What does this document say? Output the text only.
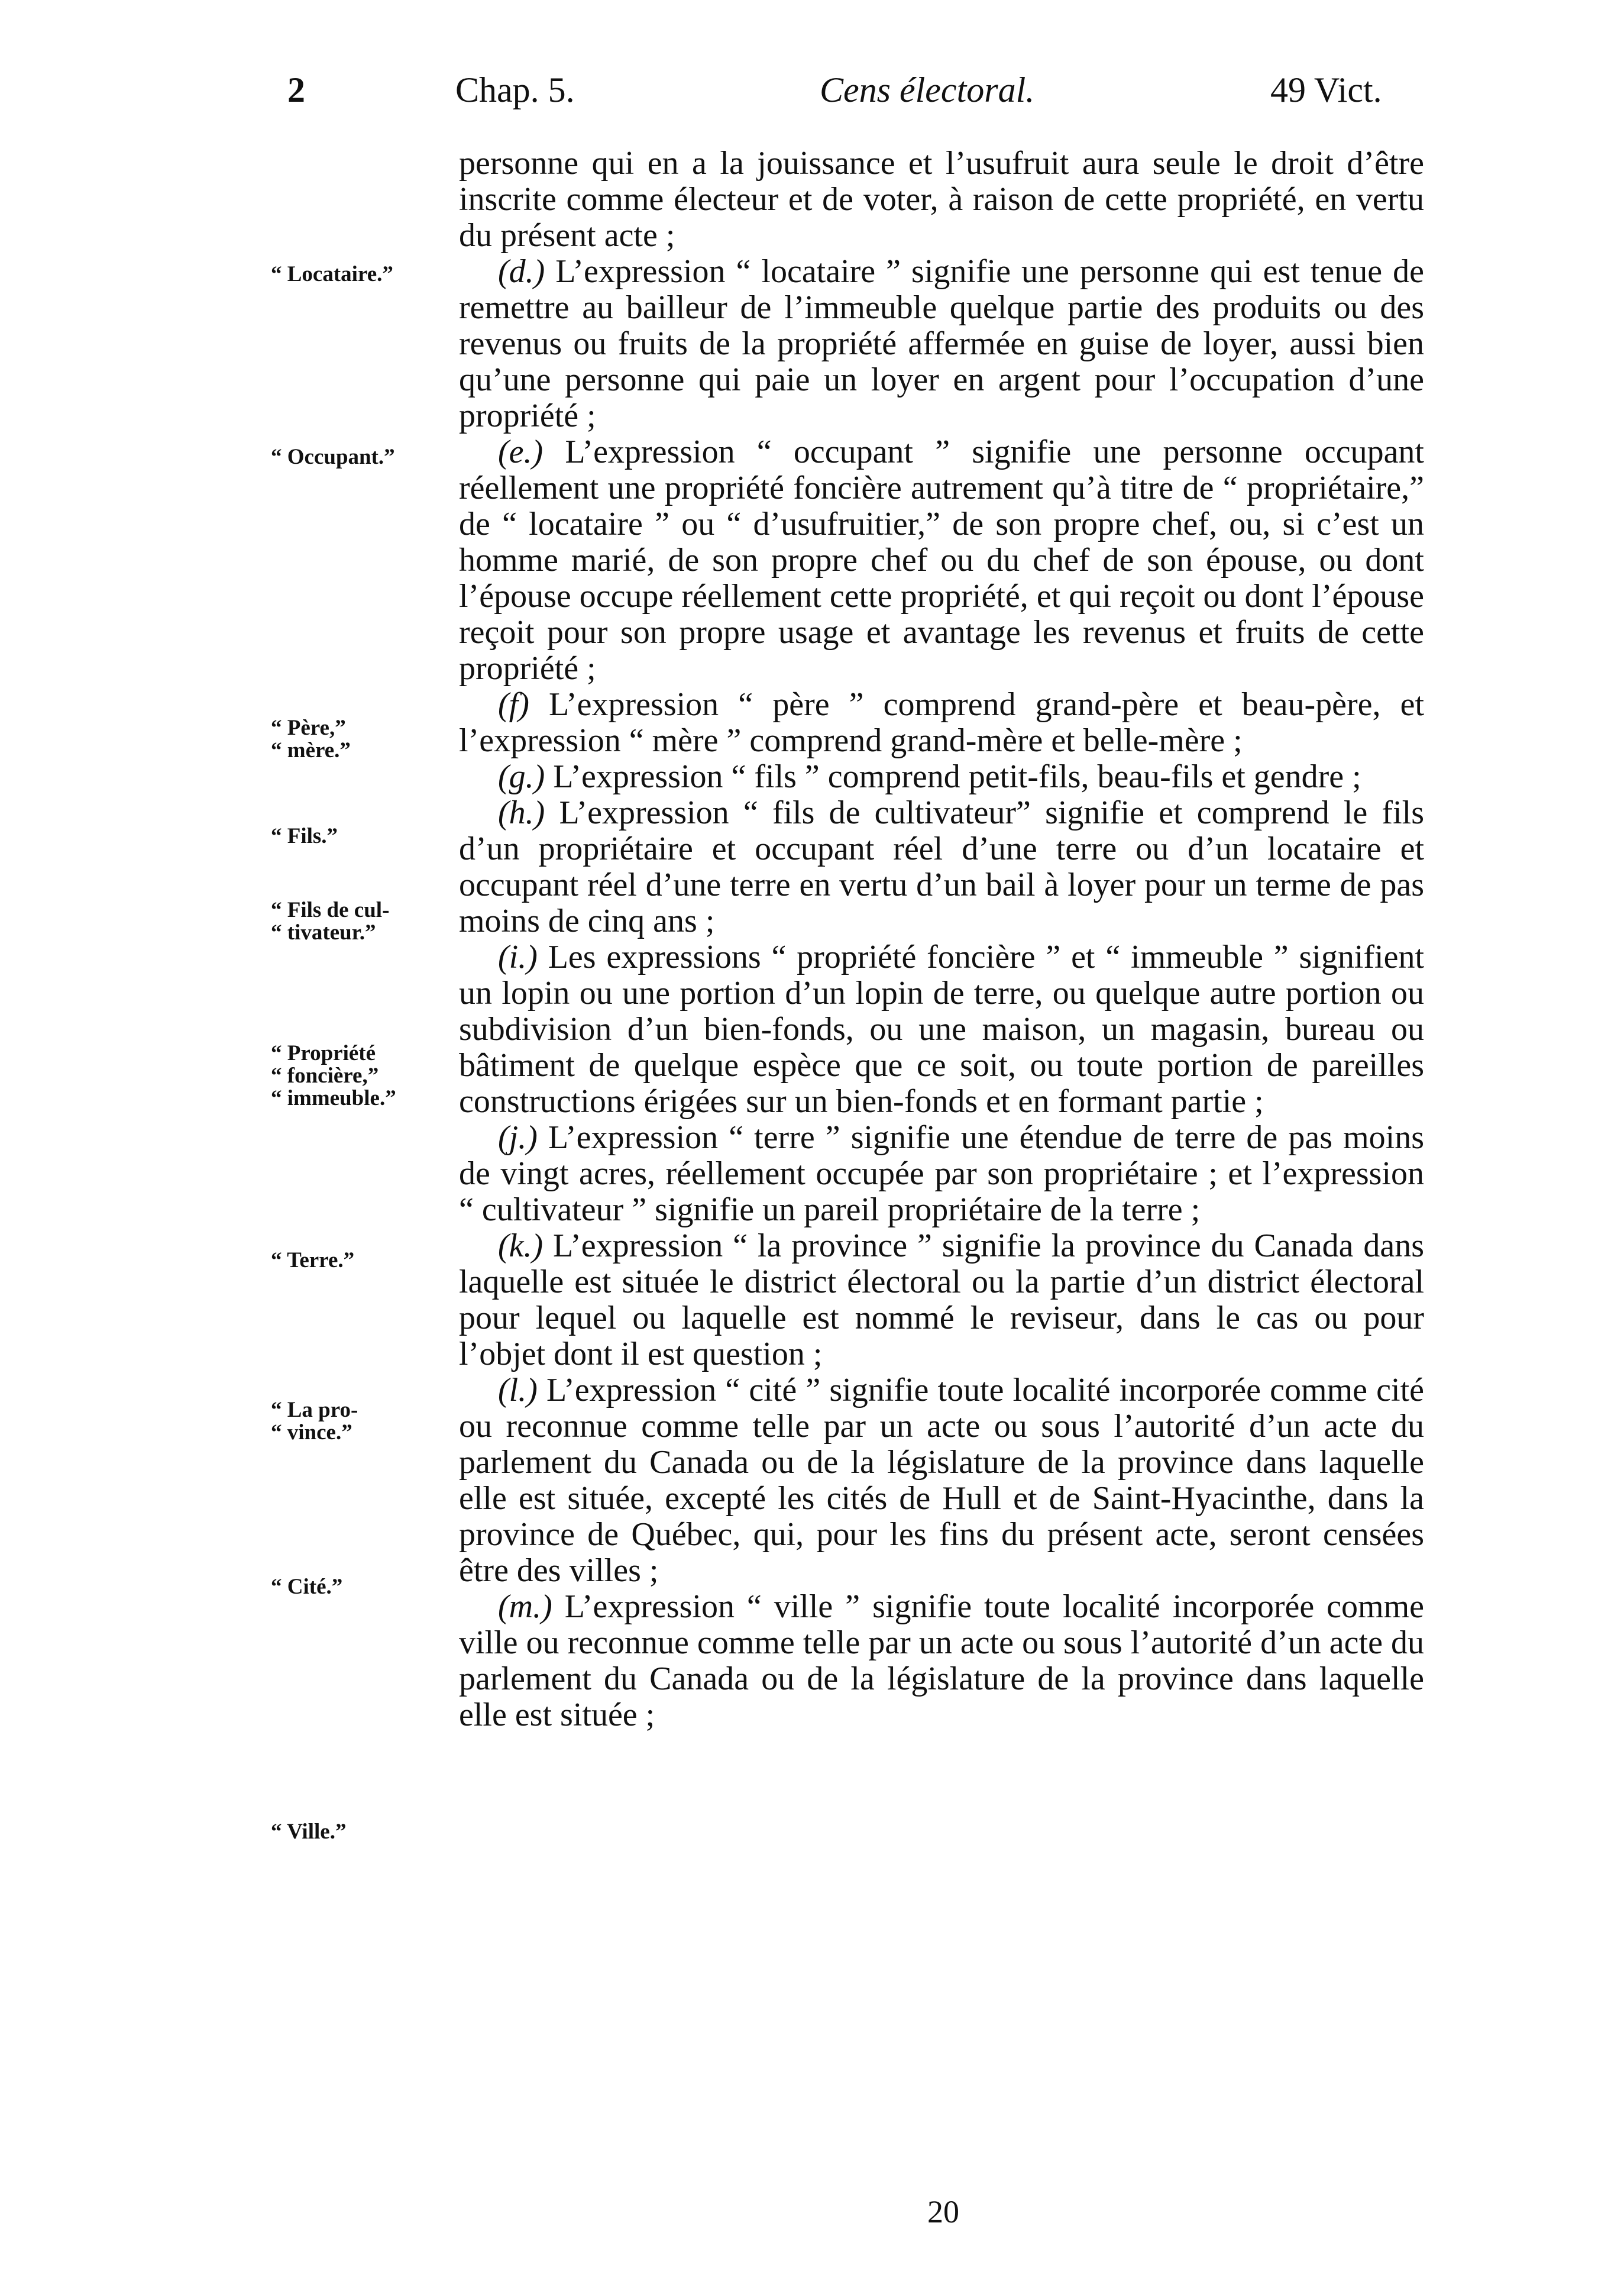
2	Chap. 5.	Cens électoral.	49 Vict.
“ Locataire.”
“ Occupant.”
“ Père,”
“ mère.”
“ Fils.”
“ Fils de cul-
“ tivateur.”
“ Propriété
“ foncière,”
“ immeuble.”
“ Terre.”
“ La pro-
“ vince.”
“ Cité.”
“ Ville.”

personne qui en a la jouissance et l’usufruit aura seule le droit d’être inscrite comme électeur et de voter, à raison de cette propriété, en vertu du présent acte ;

(d.) L’expression “ locataire ” signifie une personne qui est tenue de remettre au bailleur de l’immeuble quelque partie des produits ou des revenus ou fruits de la propriété affermée en guise de loyer, aussi bien qu’une personne qui paie un loyer en argent pour l’occupation d’une propriété ;

(e.) L’expression “ occupant ” signifie une personne occupant réellement une propriété foncière autrement qu’à titre de “ propriétaire,” de “ locataire ” ou “ d’usufruitier,” de son propre chef, ou, si c’est un homme marié, de son propre chef ou du chef de son épouse, ou dont l’épouse occupe réellement cette propriété, et qui reçoit ou dont l’épouse reçoit pour son propre usage et avantage les revenus et fruits de cette propriété ;

(f) L’expression “ père ” comprend grand-père et beau-père, et l’expression “ mère ” comprend grand-mère et belle-mère ;

(g.) L’expression “ fils ” comprend petit-fils, beau-fils et gendre ;

(h.) L’expression “ fils de cultivateur” signifie et comprend le fils d’un propriétaire et occupant réel d’une terre ou d’un locataire et occupant réel d’une terre en vertu d’un bail à loyer pour un terme de pas moins de cinq ans ;

(i.) Les expressions “ propriété foncière ” et “ immeuble ” signifient un lopin ou une portion d’un lopin de terre, ou quelque autre portion ou subdivision d’un bien-fonds, ou une maison, un magasin, bureau ou bâtiment de quelque espèce que ce soit, ou toute portion de pareilles constructions érigées sur un bien-fonds et en formant partie ;

(j.) L’expression “ terre ” signifie une étendue de terre de pas moins de vingt acres, réellement occupée par son propriétaire ; et l’expression “ cultivateur ” signifie un pareil propriétaire de la terre ;

(k.) L’expression “ la province ” signifie la province du Canada dans laquelle est située le district électoral ou la partie d’un district électoral pour lequel ou laquelle est nommé le reviseur, dans le cas ou pour l’objet dont il est question ;

(l.) L’expression “ cité ” signifie toute localité incorporée comme cité ou reconnue comme telle par un acte ou sous l’autorité d’un acte du parlement du Canada ou de la législature de la province dans laquelle elle est située, excepté les cités de Hull et de Saint-Hyacinthe, dans la province de Québec, qui, pour les fins du présent acte, seront censées être des villes ;

(m.) L’expression “ ville ” signifie toute localité incorporée comme ville ou reconnue comme telle par un acte ou sous l’autorité d’un acte du parlement du Canada ou de la législature de la province dans laquelle elle est située ;

20
